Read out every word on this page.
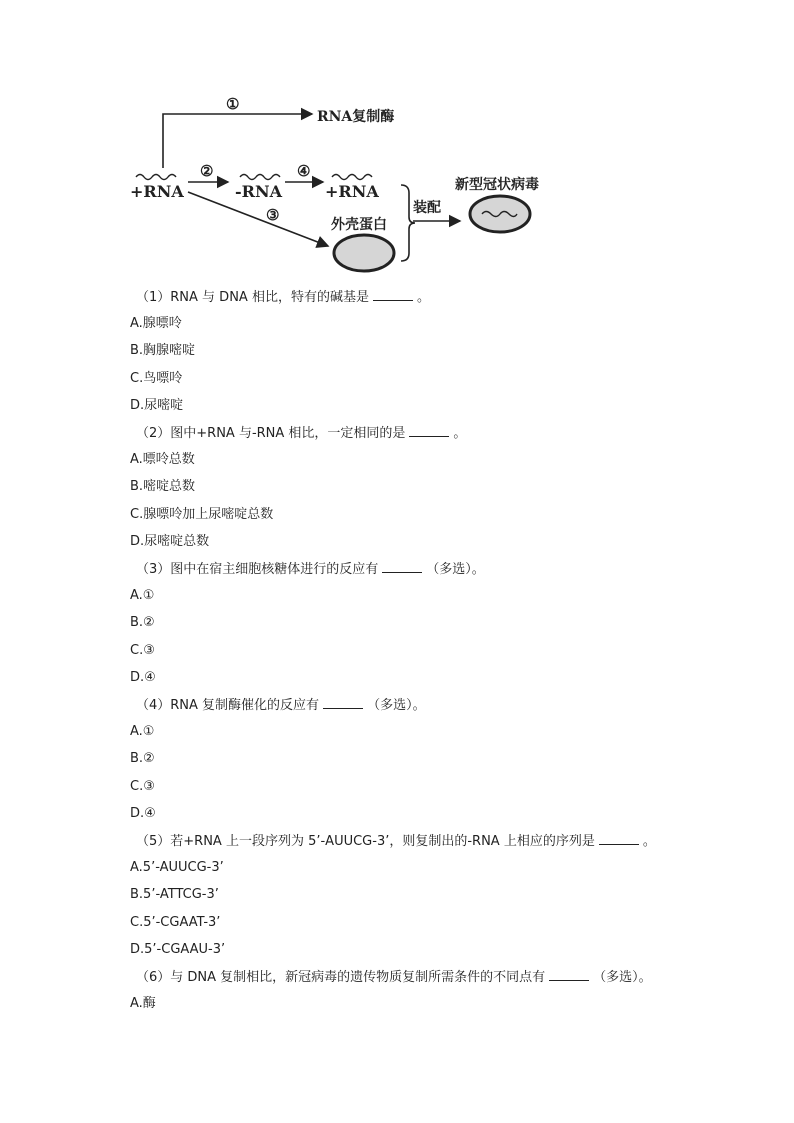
①
RNA复制酶
+RNA	-RNA	+RNA
②	④
③
外壳蛋白
装配
新型冠状病毒
（1）RNA 与 DNA 相比，特有的碱基是	。
A.腺嘌呤
B.胸腺嘧啶
C.鸟嘌呤
D.尿嘧啶
（2）图中+RNA 与-RNA 相比，一定相同的是	。
A.嘌呤总数
B.嘧啶总数
C.腺嘌呤加上尿嘧啶总数
D.尿嘧啶总数
（3）图中在宿主细胞核糖体进行的反应有	（多选）。
A.①
B.②
C.③
D.④
（4）RNA 复制酶催化的反应有	（多选）。
A.①
B.②
C.③
D.④
（5）若+RNA 上一段序列为 5’-AUUCG-3’，则复制出的-RNA 上相应的序列是	。
A.5’-AUUCG-3’
B.5’-ATTCG-3’
C.5’-CGAAT-3’
D.5’-CGAAU-3’
（6）与 DNA 复制相比，新冠病毒的遗传物质复制所需条件的不同点有	（多选）。
A.酶
